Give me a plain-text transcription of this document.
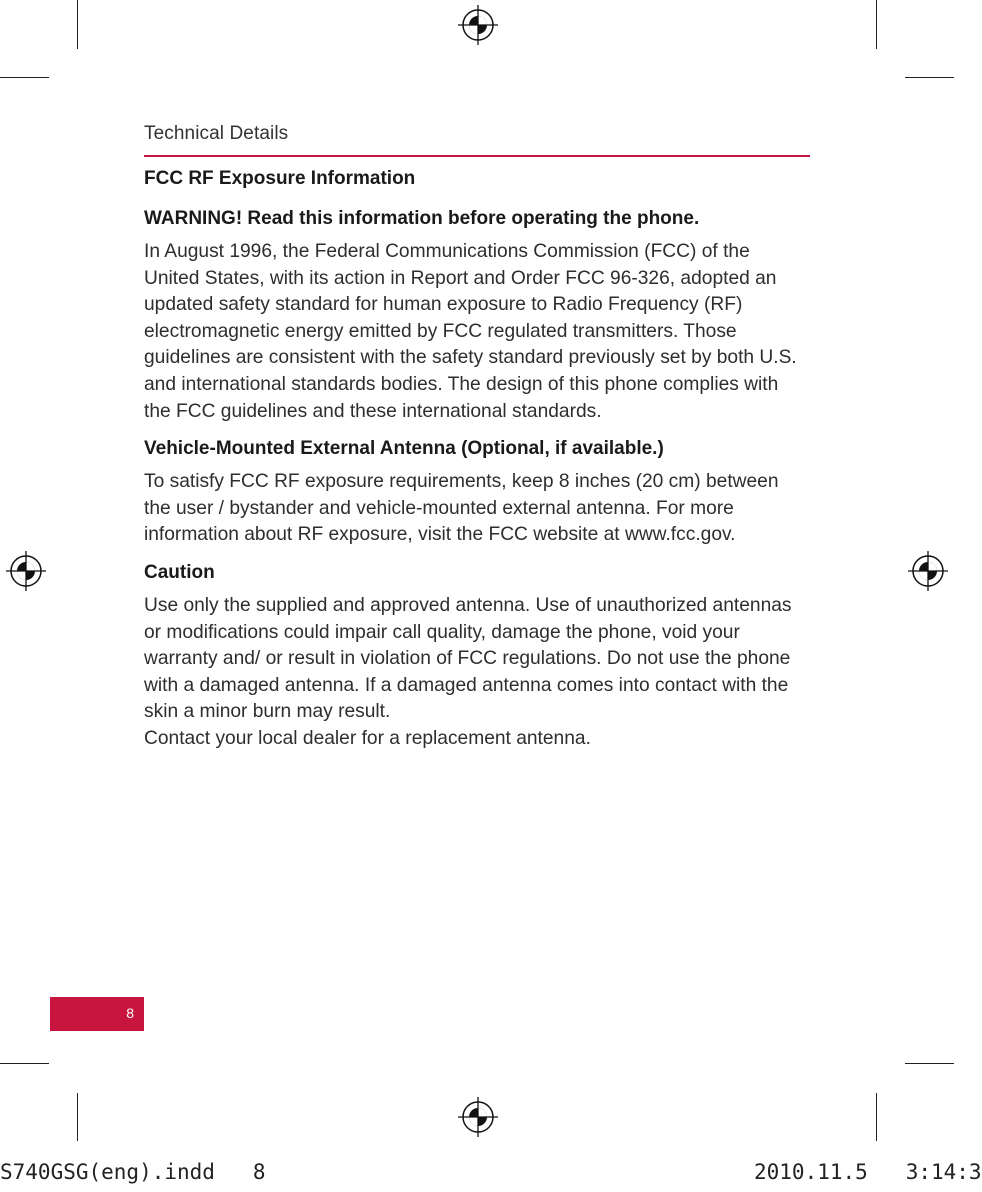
Technical Details
FCC RF Exposure Information
WARNING! Read this information before operating the phone.

In August 1996, the Federal Communications Commission (FCC) of the United States, with its action in Report and Order FCC 96-326, adopted an updated safety standard for human exposure to Radio Frequency (RF) electromagnetic energy emitted by FCC regulated transmitters. Those guidelines are consistent with the safety standard previously set by both U.S. and international standards bodies. The design of this phone complies with the FCC guidelines and these international standards.

Vehicle-Mounted External Antenna (Optional, if available.)

To satisfy FCC RF exposure requirements, keep 8 inches (20 cm) between the user / bystander and vehicle-mounted external antenna. For more information about RF exposure, visit the FCC website at www.fcc.gov.

Caution

Use only the supplied and approved antenna. Use of unauthorized antennas or modifications could impair call quality, damage the phone, void your warranty and/ or result in violation of FCC regulations. Do not use the phone with a damaged antenna. If a damaged antenna comes into contact with the skin a minor burn may result.

Contact your local dealer for a replacement antenna.

8
S740GSG(eng).indd   8	2010.11.5   3:14:3
